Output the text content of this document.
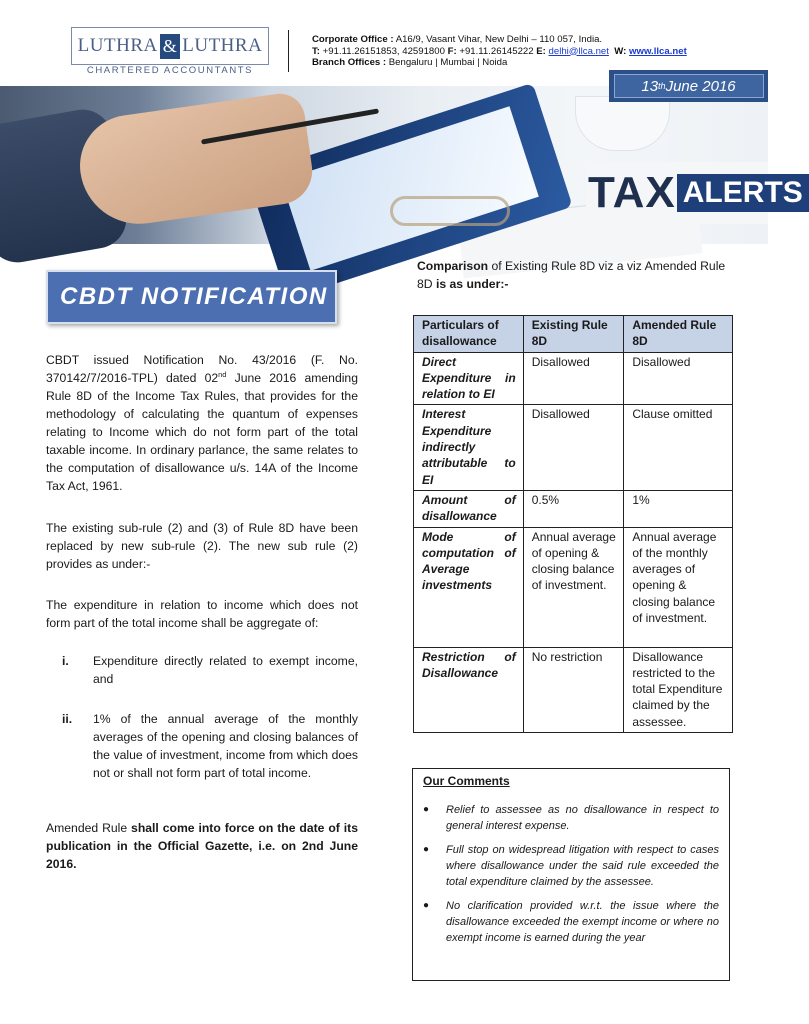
LUTHRA & LUTHRA
CHARTERED ACCOUNTANTS
Corporate Office : A16/9, Vasant Vihar, New Delhi – 110 057, India.
T: +91.11.26151853, 42591800 F: +91.11.26145222 E: delhi@llca.net W: www.llca.net
Branch Offices : Bengaluru | Mumbai | Noida
13 th June 2016
TAX ALERTS
CBDT NOTIFICATION
CBDT issued Notification No. 43/2016 (F. No. 370142/7/2016-TPL) dated 02nd June 2016 amending Rule 8D of the Income Tax Rules, that provides for the methodology of calculating the quantum of expenses relating to Income which do not form part of the total taxable income. In ordinary parlance, the same relates to the computation of disallowance u/s. 14A of the Income Tax Act, 1961.
The existing sub-rule (2) and (3) of Rule 8D have been replaced by new sub-rule (2). The new sub rule (2) provides as under:-
The expenditure in relation to income which does not form part of the total income shall be aggregate of:
i. Expenditure directly related to exempt income, and
ii. 1% of the annual average of the monthly averages of the opening and closing balances of the value of investment, income from which does not or shall not form part of total income.
Amended Rule shall come into force on the date of its publication in the Official Gazette, i.e. on 2nd June 2016.
Comparison of Existing Rule 8D viz a viz Amended Rule 8D is as under:-
Particulars of disallowance	Existing Rule 8D	Amended Rule 8D
Direct Expenditure in relation to EI	Disallowed	Disallowed
Interest Expenditure indirectly attributable to EI	Disallowed	Clause omitted
Amount of disallowance	0.5%	1%
Mode of computation of Average investments	Annual average of opening & closing balance of investment.	Annual average of the monthly averages of opening & closing balance of investment.
Restriction of Disallowance	No restriction	Disallowance restricted to the total Expenditure claimed by the assessee.
Our Comments
● Relief to assessee as no disallowance in respect to general interest expense.
● Full stop on widespread litigation with respect to cases where disallowance under the said rule exceeded the total expenditure claimed by the assessee.
● No clarification provided w.r.t. the issue where the disallowance exceeded the exempt income or where no exempt income is earned during the year
